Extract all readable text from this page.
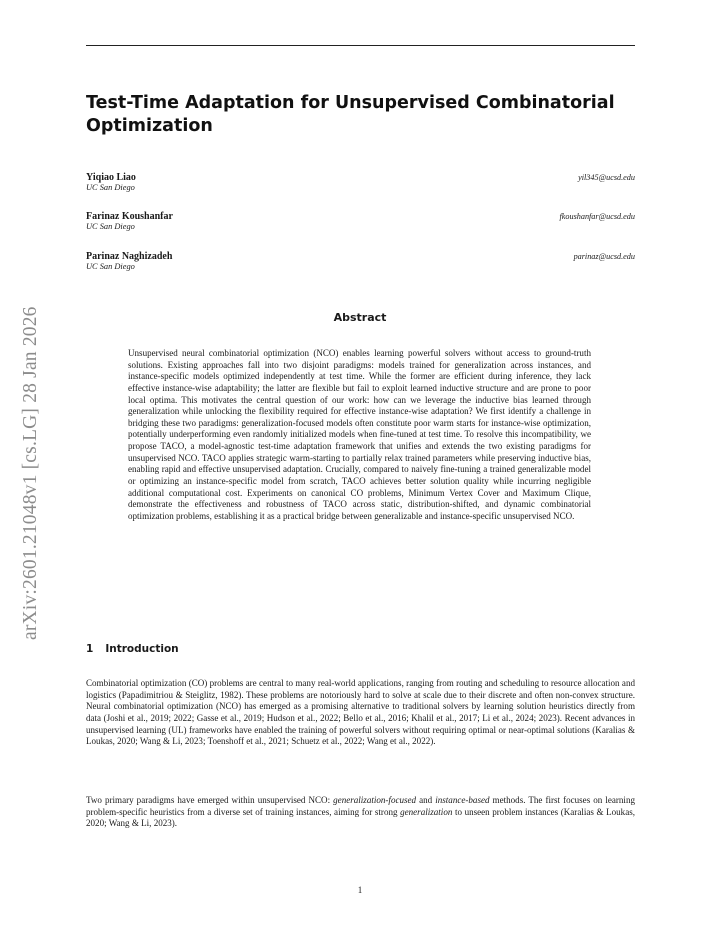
arXiv:2601.21048v1 [cs.LG] 28 Jan 2026
Test-Time Adaptation for Unsupervised Combinatorial Optimization
Yiqiao Liao
UC San Diego
yil345@ucsd.edu
Farinaz Koushanfar
UC San Diego
fkoushanfar@ucsd.edu
Parinaz Naghizadeh
UC San Diego
parinaz@ucsd.edu
Abstract

Unsupervised neural combinatorial optimization (NCO) enables learning powerful solvers without access to ground-truth solutions. Existing approaches fall into two disjoint paradigms: models trained for generalization across instances, and instance-specific models optimized independently at test time. While the former are efficient during inference, they lack effective instance-wise adaptability; the latter are flexible but fail to exploit learned inductive structure and are prone to poor local optima. This motivates the central question of our work: how can we leverage the inductive bias learned through generalization while unlocking the flexibility required for effective instance-wise adaptation? We first identify a challenge in bridging these two paradigms: generalization-focused models often constitute poor warm starts for instance-wise optimization, potentially underperforming even randomly initialized models when fine-tuned at test time. To resolve this incompatibility, we propose TACO, a model-agnostic test-time adaptation framework that unifies and extends the two existing paradigms for unsupervised NCO. TACO applies strategic warm-starting to partially relax trained parameters while preserving inductive bias, enabling rapid and effective unsupervised adaptation. Crucially, compared to naively fine-tuning a trained generalizable model or optimizing an instance-specific model from scratch, TACO achieves better solution quality while incurring negligible additional computational cost. Experiments on canonical CO problems, Minimum Vertex Cover and Maximum Clique, demonstrate the effectiveness and robustness of TACO across static, distribution-shifted, and dynamic combinatorial optimization problems, establishing it as a practical bridge between generalizable and instance-specific unsupervised NCO.

1 Introduction

Combinatorial optimization (CO) problems are central to many real-world applications, ranging from routing and scheduling to resource allocation and logistics (Papadimitriou & Steiglitz, 1982). These problems are notoriously hard to solve at scale due to their discrete and often non-convex structure. Neural combinatorial optimization (NCO) has emerged as a promising alternative to traditional solvers by learning solution heuristics directly from data (Joshi et al., 2019; 2022; Gasse et al., 2019; Hudson et al., 2022; Bello et al., 2016; Khalil et al., 2017; Li et al., 2024; 2023). Recent advances in unsupervised learning (UL) frameworks have enabled the training of powerful solvers without requiring optimal or near-optimal solutions (Karalias & Loukas, 2020; Wang & Li, 2023; Toenshoff et al., 2021; Schuetz et al., 2022; Wang et al., 2022).

Two primary paradigms have emerged within unsupervised NCO: generalization-focused and instance-based methods. The first focuses on learning problem-specific heuristics from a diverse set of training instances, aiming for strong generalization to unseen problem instances (Karalias & Loukas, 2020; Wang & Li, 2023).

1
